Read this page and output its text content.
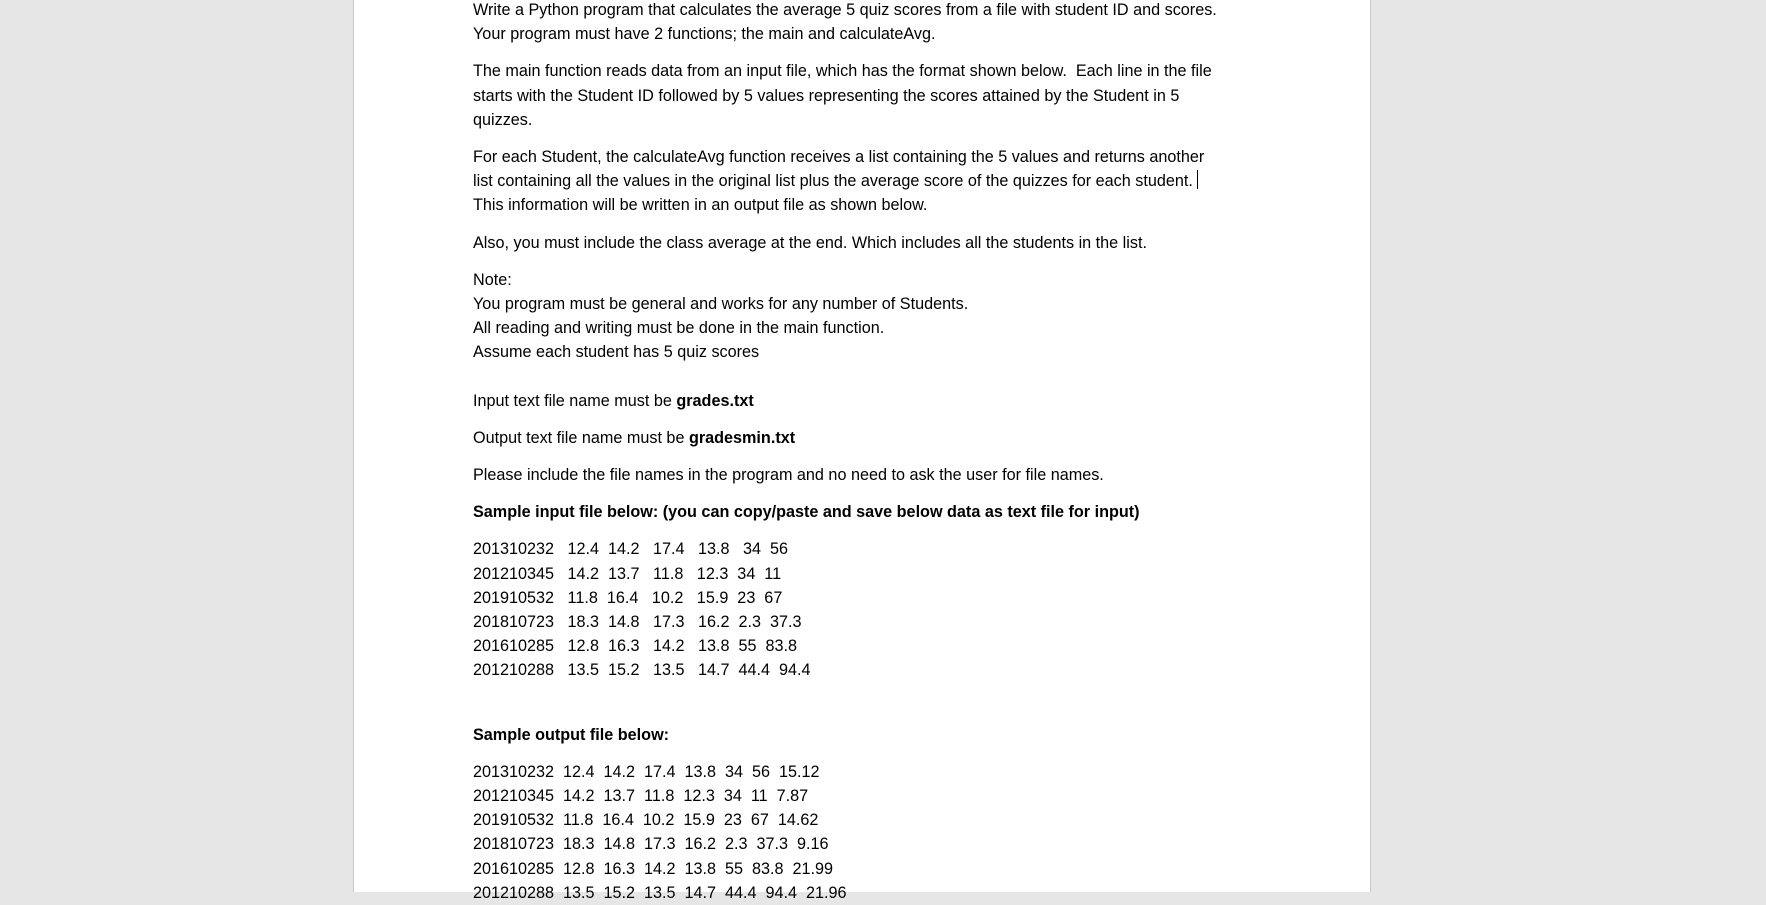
Write a Python program that calculates the average 5 quiz scores from a file with student ID and scores.
Your program must have 2 functions; the main and calculateAvg.
The main function reads data from an input file, which has the format shown below.  Each line in the file
starts with the Student ID followed by 5 values representing the scores attained by the Student in 5
quizzes.
For each Student, the calculateAvg function receives a list containing the 5 values and returns another
list containing all the values in the original list plus the average score of the quizzes for each student.
This information will be written in an output file as shown below.
Also, you must include the class average at the end. Which includes all the students in the list.
Note:
You program must be general and works for any number of Students.
All reading and writing must be done in the main function.
Assume each student has 5 quiz scores
Input text file name must be grades.txt
Output text file name must be gradesmin.txt
Please include the file names in the program and no need to ask the user for file names.
Sample input file below: (you can copy/paste and save below data as text file for input)
201310232   12.4  14.2   17.4   13.8   34  56
201210345   14.2  13.7   11.8   12.3  34  11
201910532   11.8  16.4   10.2   15.9  23  67
201810723   18.3  14.8   17.3   16.2  2.3  37.3
201610285   12.8  16.3   14.2   13.8  55  83.8
201210288   13.5  15.2   13.5   14.7  44.4  94.4
Sample output file below:
201310232  12.4  14.2  17.4  13.8  34  56  15.12
201210345  14.2  13.7  11.8  12.3  34  11  7.87
201910532  11.8  16.4  10.2  15.9  23  67  14.62
201810723  18.3  14.8  17.3  16.2  2.3  37.3  9.16
201610285  12.8  16.3  14.2  13.8  55  83.8  21.99
201210288  13.5  15.2  13.5  14.7  44.4  94.4  21.96
